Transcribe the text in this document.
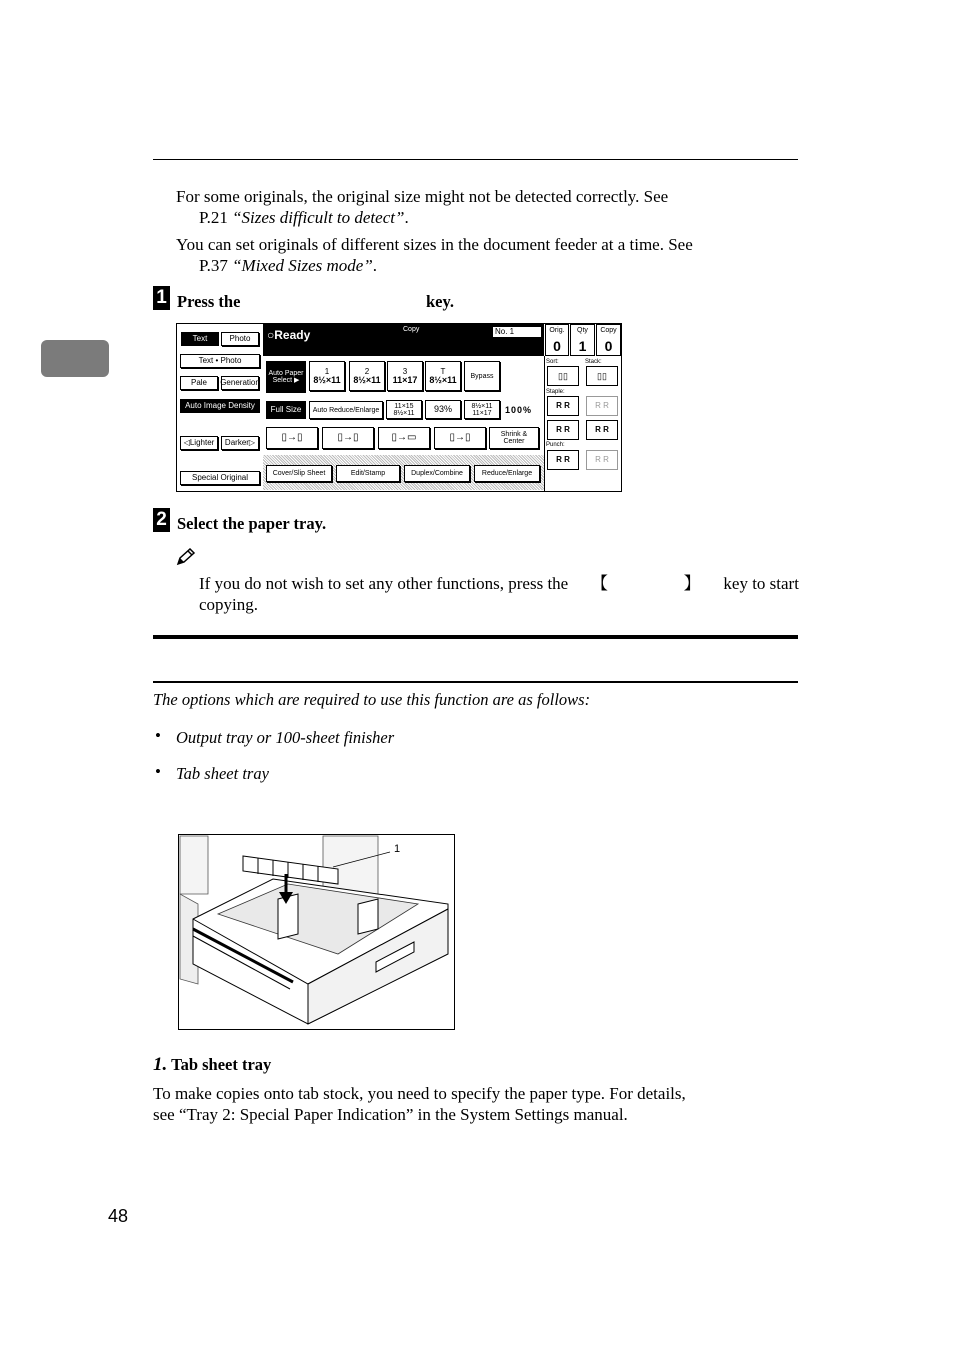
For some originals, the original size might not be detected correctly. See
P.21 “Sizes difficult to detect”.
You can set originals of different sizes in the document feeder at a time. See
P.37 “Mixed Sizes mode”.
1 Press the	key.
Text	Photo
Text • Photo
Pale	Generation
Auto Image Density
◁Lighter	Darker▷
Special Original
○Ready	Copy	No. 1	Orig.
0
Qty
1
Copy
0
Auto Paper Select ▶
1
8½×11
2
8½×11
3
11×17
T
8½×11	Bypass
Full Size	Auto Reduce/Enlarge
11×15 8½×11	93%	8½×11 11×17	100%
▯→▯	▯→▯	▯→▭	▯→▯	Shrink & Center
Cover/Slip Sheet	Edit/Stamp	Duplex/Combine	Reduce/Enlarge
Sort:	Stack:
▯▯	▯▯
Staple:
R R	R R
R R	R R
Punch:
R R	R R
2 Select the paper tray.
If you do not wish to set any other functions, press the 【	】 key to start
copying.
The options which are required to use this function are as follows:
• Output tray or 100-sheet finisher
• Tab sheet tray
1
1. Tab sheet tray
To make copies onto tab stock, you need to specify the paper type. For details,
see “Tray 2: Special Paper Indication” in the System Settings manual.
48
